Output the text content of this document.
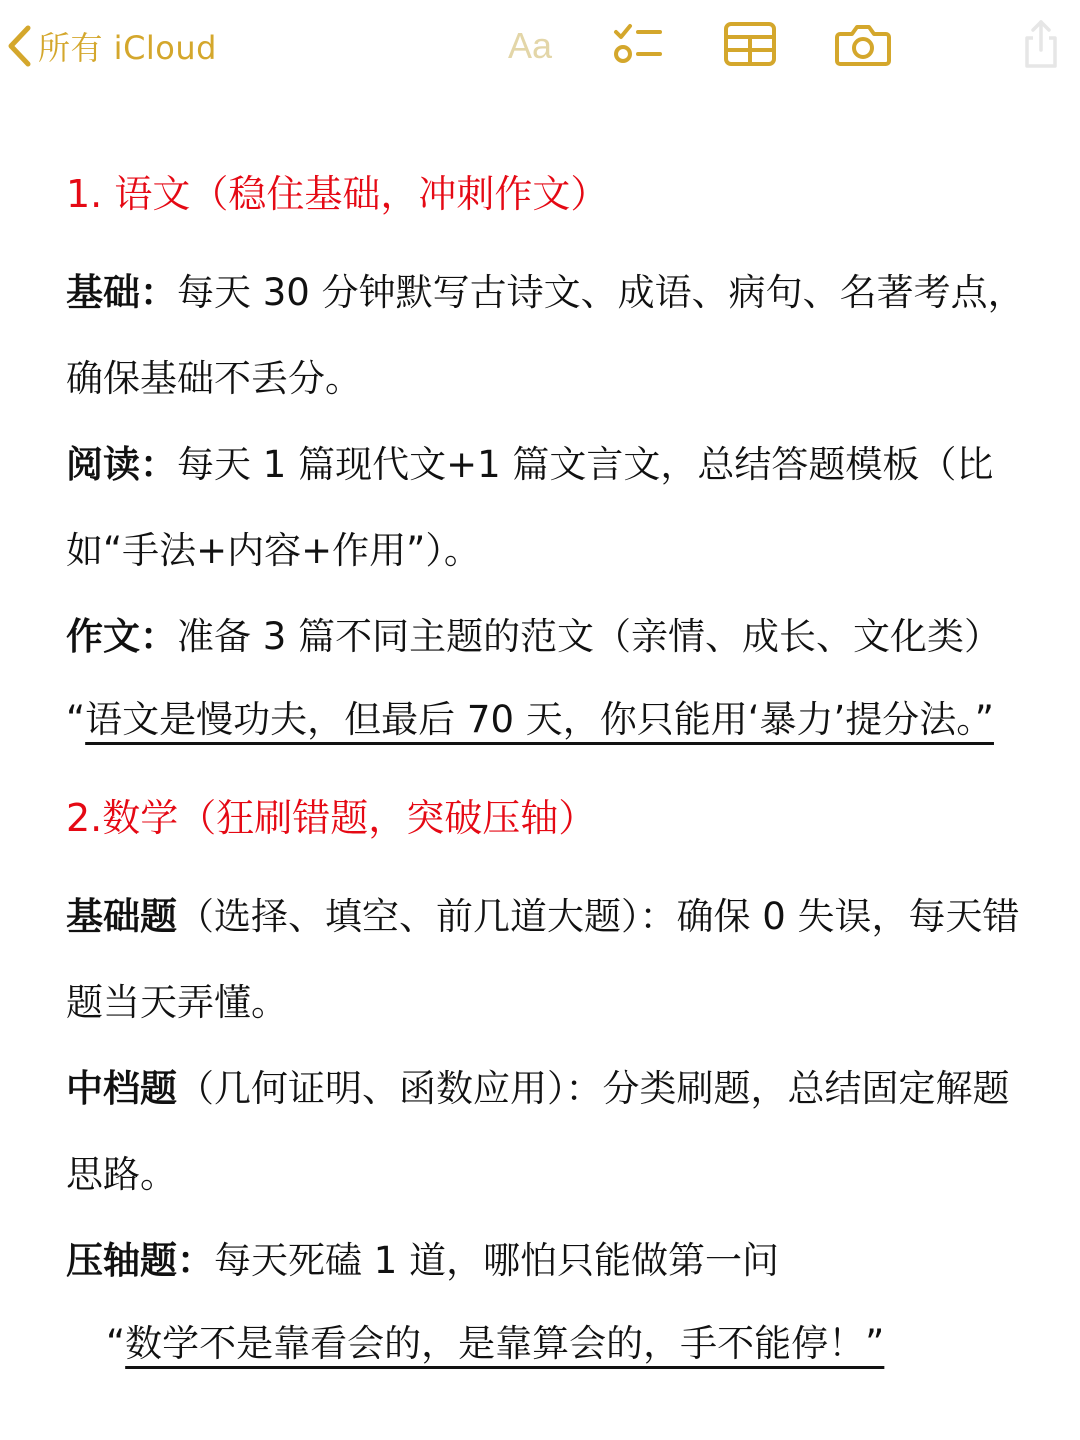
所有 iCloud	Aa

1. 语文（稳住基础，冲刺作文）

基础：每天 30 分钟默写古诗文、成语、病句、名著考点，确保基础不丢分。

阅读：每天 1 篇现代文+1 篇文言文，总结答题模板（比如“手法+内容+作用”）。

作文：准备 3 篇不同主题的范文（亲情、成长、文化类）

“语文是慢功夫，但最后 70 天，你只能用‘暴力’提分法。”

2.数学（狂刷错题，突破压轴）

基础题（选择、填空、前几道大题）：确保 0 失误，每天错题当天弄懂。

中档题（几何证明、函数应用）：分类刷题，总结固定解题思路。

压轴题：每天死磕 1 道，哪怕只能做第一问

“数学不是靠看会的，是靠算会的，手不能停！”
